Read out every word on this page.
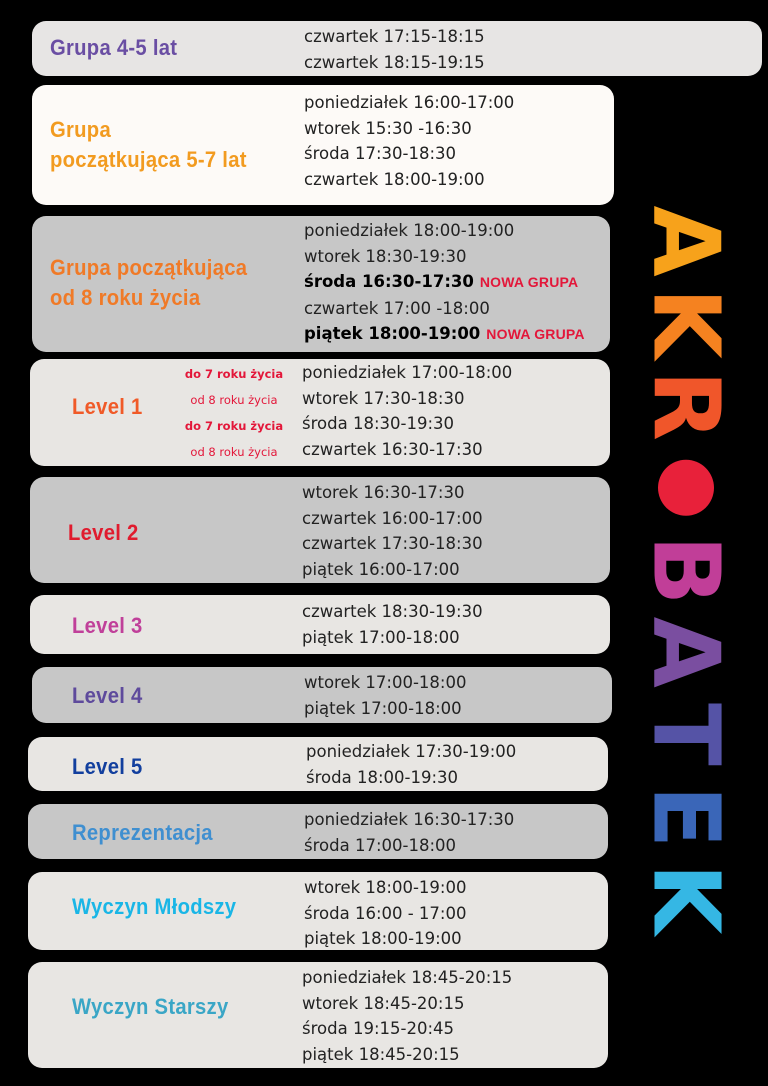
Grupa 4-5 lat	czwartek 17:15-18:15
czwartek 18:15-19:15
Grupa
początkująca 5-7 lat
poniedziałek 16:00-17:00
wtorek 15:30 -16:30
środa 17:30-18:30
czwartek 18:00-19:00
Grupa początkująca
od 8 roku życia
poniedziałek 18:00-19:00
wtorek 18:30-19:30
środa 16:30-17:30 NOWA GRUPA
czwartek 17:00 -18:00
piątek 18:00-19:00 NOWA GRUPA
Level 1
do 7 roku życia
od 8 roku życia
do 7 roku życia
od 8 roku życia
poniedziałek 17:00-18:00
wtorek 17:30-18:30
środa 18:30-19:30
czwartek 16:30-17:30
Level 2
wtorek 16:30-17:30
czwartek 16:00-17:00
czwartek 17:30-18:30
piątek 16:00-17:00
Level 3
czwartek 18:30-19:30
piątek 17:00-18:00
Level 4
wtorek 17:00-18:00
piątek 17:00-18:00
Level 5
poniedziałek 17:30-19:00
środa 18:00-19:30
Reprezentacja
poniedziałek 16:30-17:30
środa 17:00-18:00
Wyczyn Młodszy
wtorek 18:00-19:00
środa 16:00 - 17:00
piątek 18:00-19:00
Wyczyn Starszy
poniedziałek 18:45-20:15
wtorek 18:45-20:15
środa 19:15-20:45
piątek 18:45-20:15
A
K
R
B
A
T
E
K
